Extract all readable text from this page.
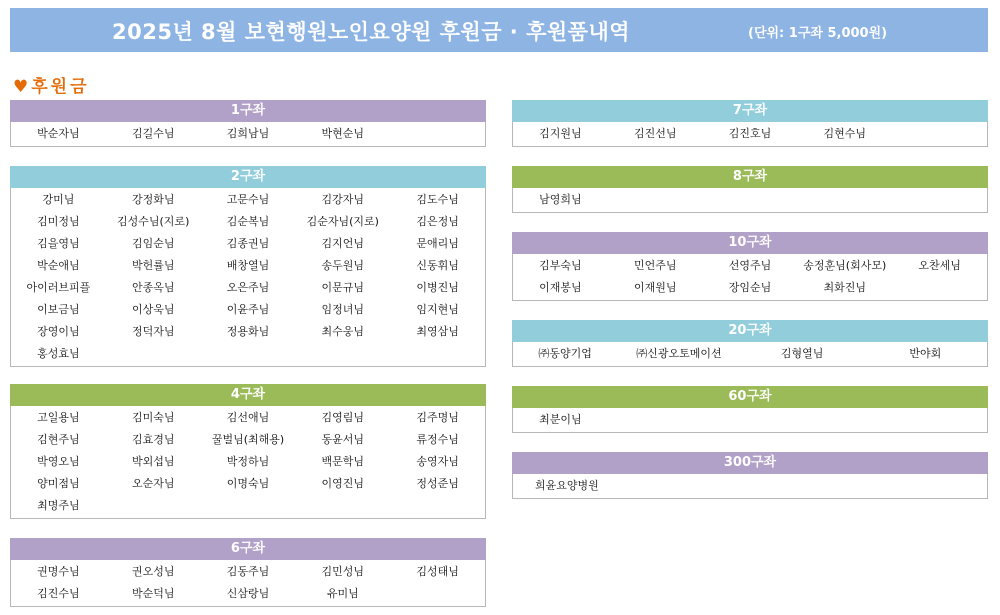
2025년 8월 보현행원노인요양원 후원금 · 후원품내역	(단위: 1구좌 5,000원)
♥후원금
1구좌
박순자님	김길수님	김희남님	박현순님
2구좌
강미님	강정화님	고문수님	김강자님	김도수님
김미정님	김성수님(지로)	김순복님	김순자님(지로)	김은정님
김을영님	김임순님	김종권님	김지언님	문애리님
박순애님	박헌률님	배창열님	송두원님	신동휘님
아이러브피플	안종옥님	오은주님	이문규님	이병진님
이보금님	이상욱님	이윤주님	임정녀님	임지현님
장영이님	정덕자님	정용화님	최수웅님	최영삼님
홍성효님
4구좌
고일용님	김미숙님	김선애님	김영림님	김주명님
김현주님	김효경님	꿀벌님(최해용)	동윤서님	류정수님
박영오님	박외섭님	박정하님	백문학님	송영자님
양미점님	오순자님	이명숙님	이영진님	정성준님
최명주님
6구좌
권명수님	권오성님	김동주님	김민성님	김성태님
김진수님	박순덕님	신삼랑님	유미님
7구좌
김지원님	김진선님	김진호님	김현수님
8구좌
남영희님
10구좌
김부숙님	민언주님	선영주님	송정훈님(회사모)	오찬세님
이재봉님	이재원님	장임순님	최화진님
20구좌
㈜동양기업	㈜신광오토메이션	김형열님	반야회
60구좌
최분이님
300구좌
희윤요양병원
